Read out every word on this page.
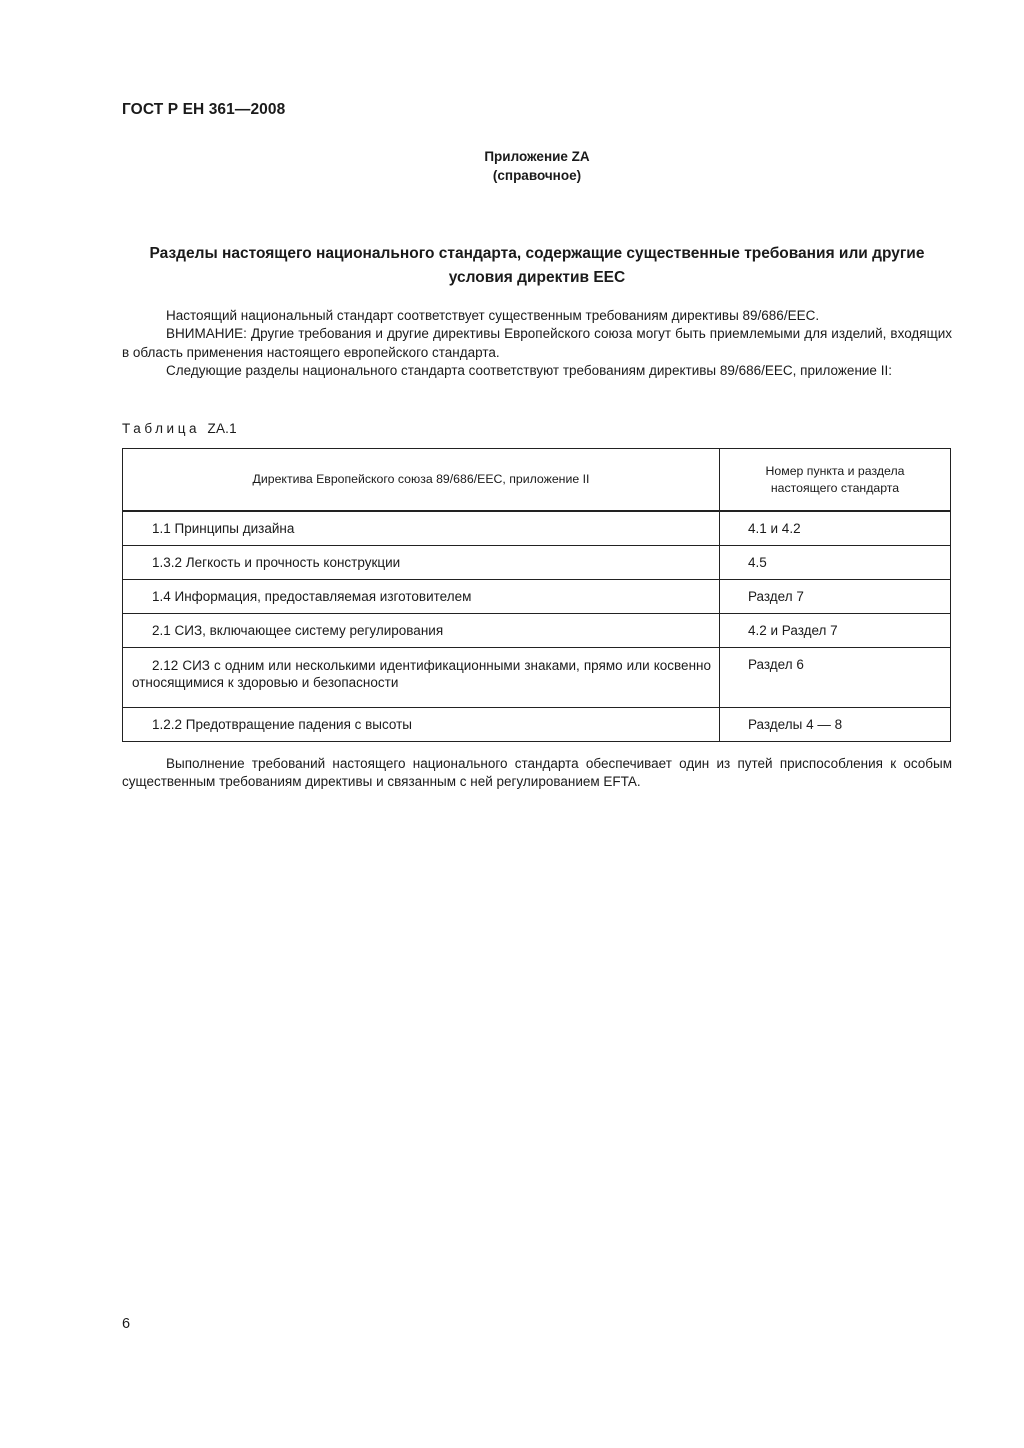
ГОСТ Р ЕН 361—2008
Приложение ZA
(справочное)
Разделы настоящего национального стандарта, содержащие существенные требования или другие условия директив ЕЕС

Настоящий национальный стандарт соответствует существенным требованиям директивы 89/686/ЕЕС.

ВНИМАНИЕ: Другие требования и другие директивы Европейского союза могут быть приемлемыми для изделий, входящих в область применения настоящего европейского стандарта.

Следующие разделы национального стандарта соответствуют требованиям директивы 89/686/ЕЕС, приложение II:

Таблица ZA.1
Директива Европейского союза 89/686/ЕЕС, приложение II	Номер пункта и раздела
настоящего стандарта

1.1 Принципы дизайна	4.1 и 4.2
1.3.2 Легкость и прочность конструкции	4.5
1.4 Информация, предоставляемая изготовителем	Раздел 7
2.1 СИЗ, включающее систему регулирования	4.2 и Раздел 7
2.12 СИЗ с одним или несколькими идентификационными знаками, прямо или косвенно относящимися к здоровью и безопасности	Раздел 6
1.2.2 Предотвращение падения с высоты	Разделы 4 — 8

Выполнение требований настоящего национального стандарта обеспечивает один из путей приспособления к особым существенным требованиям директивы и связанным с ней регулированием EFTA.

6
